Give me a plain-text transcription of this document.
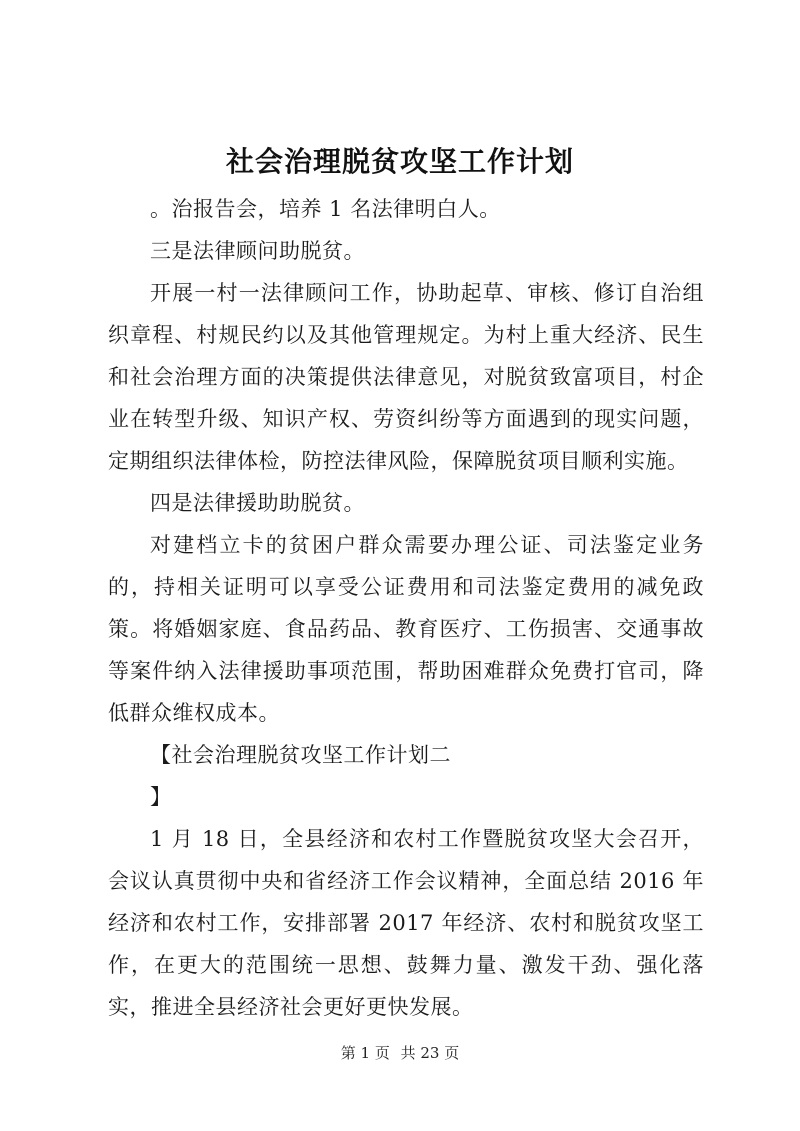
社会治理脱贫攻坚工作计划

。治报告会，培养 1 名法律明白人。

三是法律顾问助脱贫。

开展一村一法律顾问工作，协助起草、审核、修订自治组织章程、村规民约以及其他管理规定。为村上重大经济、民生和社会治理方面的决策提供法律意见，对脱贫致富项目，村企业在转型升级、知识产权、劳资纠纷等方面遇到的现实问题，定期组织法律体检，防控法律风险，保障脱贫项目顺利实施。

四是法律援助助脱贫。

对建档立卡的贫困户群众需要办理公证、司法鉴定业务的，持相关证明可以享受公证费用和司法鉴定费用的减免政策。将婚姻家庭、食品药品、教育医疗、工伤损害、交通事故等案件纳入法律援助事项范围，帮助困难群众免费打官司，降低群众维权成本。

【社会治理脱贫攻坚工作计划二

】

1 月 18 日，全县经济和农村工作暨脱贫攻坚大会召开，会议认真贯彻中央和省经济工作会议精神，全面总结 2016 年经济和农村工作，安排部署 2017 年经济、农村和脱贫攻坚工作，在更大的范围统一思想、鼓舞力量、激发干劲、强化落实，推进全县经济社会更好更快发展。

第 1 页 共 23 页
